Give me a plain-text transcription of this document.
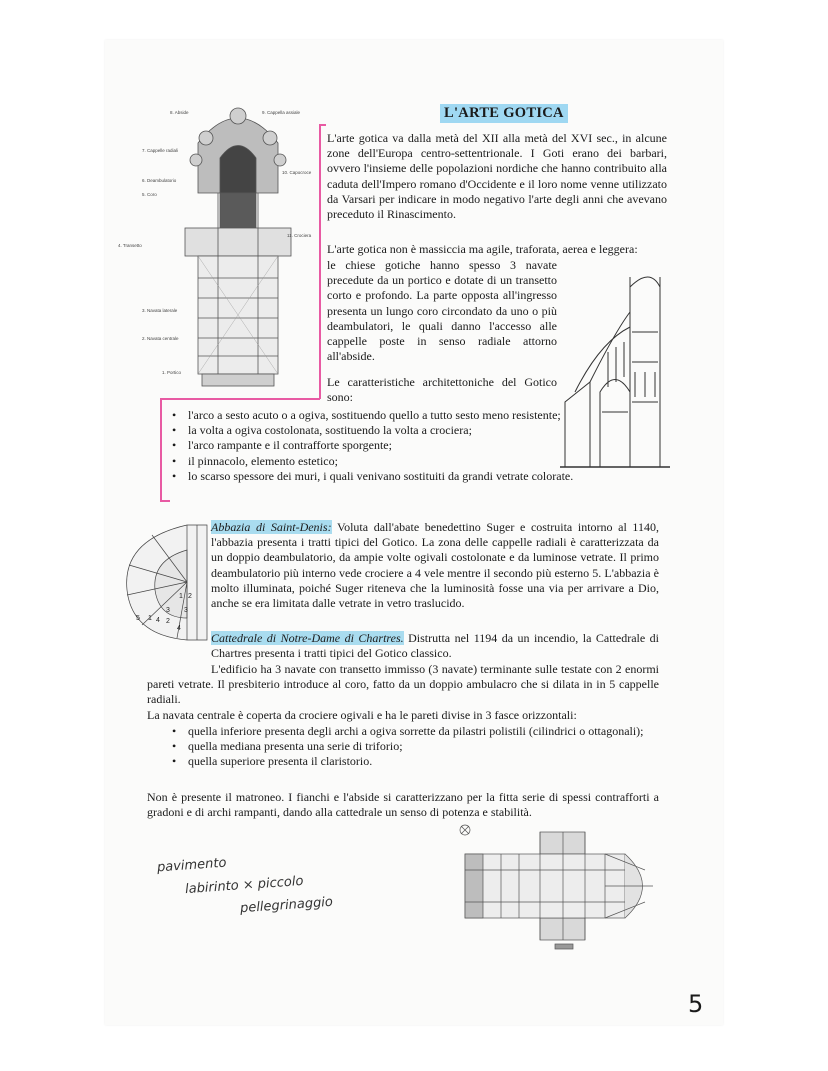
8. Abside	9. Cappella assiale
7. Cappelle radiali
6. Deambulatorio
5. Coro
10. Capocroce
4. Transetto
11. Crociera
3. Navata laterale
2. Navata centrale
1. Portico
L'ARTE GOTICA
L'arte gotica va dalla metà del XII alla metà del XVI sec., in alcune zone dell'Europa centro-settentrionale. I Goti erano dei barbari, ovvero l'insieme delle popolazioni nordiche che hanno contribuito alla caduta dell'Impero romano d'Occidente e il loro nome venne utilizzato da Varsari per indicare in modo negativo l'arte degli anni che avevano preceduto il Rinascimento.
L'arte gotica non è massiccia ma agile, traforata, aerea e leggera:
le chiese gotiche hanno spesso 3 navate precedute da un portico e dotate di un transetto corto e profondo. La parte opposta all'ingresso presenta un lungo coro circondato da uno o più deambulatori, le quali danno l'accesso alle cappelle poste in senso radiale attorno all'abside.
Le caratteristiche architettoniche del Gotico sono:
• l'arco a sesto acuto o a ogiva, sostituendo quello a tutto sesto meno resistente;
• la volta a ogiva costolonata, sostituendo la volta a crociera;
• l'arco rampante e il contrafforte sporgente;
• il pinnacolo, elemento estetico;
• lo scarso spessore dei muri, i quali venivano sostituiti da grandi vetrate colorate.
1 2
3
4
5 1 2
3
4
Abbazia di Saint-Denis: Voluta dall'abate benedettino Suger e costruita intorno al 1140, l'abbazia presenta i tratti tipici del Gotico. La zona delle cappelle radiali è caratterizzata da un doppio deambulatorio, da ampie volte ogivali costolonate e da luminose vetrate. Il primo deambulatorio più interno vede crociere a 4 vele mentre il secondo più esterno 5. L'abbazia è molto illuminata, poiché Suger riteneva che la luminosità fosse una via per arrivare a Dio, anche se era limitata dalle vetrate in vetro traslucido.
Cattedrale di Notre-Dame di Chartres. Distrutta nel 1194 da un incendio, la Cattedrale di Chartres presenta i tratti tipici del Gotico classico.
L'edificio ha 3 navate con transetto immisso (3 navate) terminante sulle testate con 2 enormi pareti vetrate. Il presbiterio introduce al coro, fatto da un doppio ambulacro che si dilata in in 5 cappelle radiali.
La navata centrale è coperta da crociere ogivali e ha le pareti divise in 3 fasce orizzontali:
• quella inferiore presenta degli archi a ogiva sorrette da pilastri polistili (cilindrici o ottagonali);
• quella mediana presenta una serie di triforio;
• quella superiore presenta il claristorio.
Non è presente il matroneo. I fianchi e l'abside si caratterizzano per la fitta serie di spessi contrafforti a gradoni e di archi rampanti, dando alla cattedrale un senso di potenza e stabilità.
pavimento
labirinto × piccolo
pellegrinaggio
5
